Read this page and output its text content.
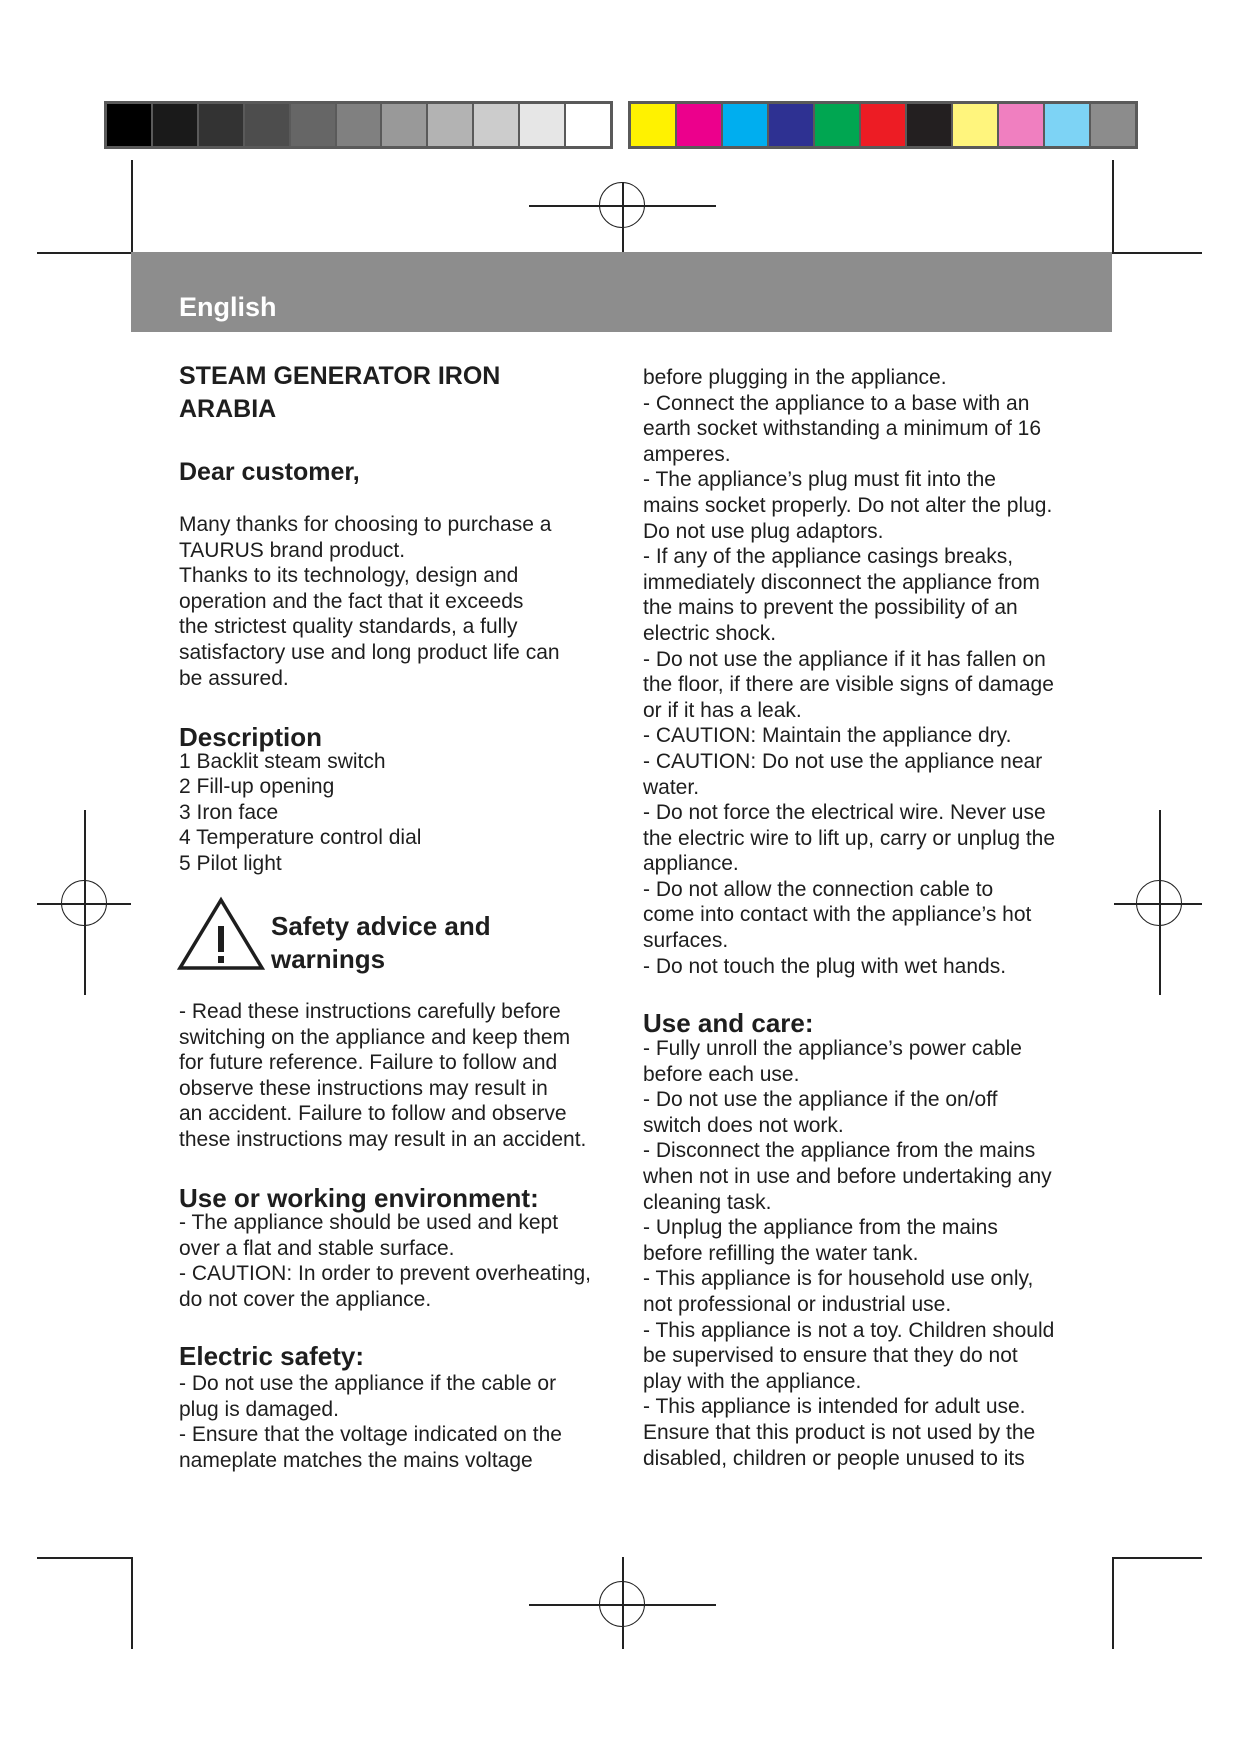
English
STEAM GENERATOR IRON
ARABIA
Dear customer,
Many thanks for choosing to purchase a
TAURUS brand product.
Thanks to its technology, design and
operation and the fact that it exceeds
the strictest quality standards, a fully
satisfactory use and long product life can
be assured.
Description
1 Backlit steam switch
2 Fill-up opening
3 Iron face
4 Temperature control dial
5 Pilot light
Safety advice and
warnings
- Read these instructions carefully before
switching on the appliance and keep them
for future reference. Failure to follow and
observe these instructions may result in
an accident. Failure to follow and observe
these instructions may result in an accident.
Use or working environment:
- The appliance should be used and kept
over a flat and stable surface.
- CAUTION: In order to prevent overheating,
do not cover the appliance.
Electric safety:
- Do not use the appliance if the cable or
plug is damaged.
- Ensure that the voltage indicated on the
nameplate matches the mains voltage
before plugging in the appliance.
- Connect the appliance to a base with an
earth socket withstanding a minimum of 16
amperes.
- The appliance’s plug must fit into the
mains socket properly. Do not alter the plug.
Do not use plug adaptors.
- If any of the appliance casings breaks,
immediately disconnect the appliance from
the mains to prevent the possibility of an
electric shock.
- Do not use the appliance if it has fallen on
the floor, if there are visible signs of damage
or if it has a leak.
- CAUTION: Maintain the appliance dry.
- CAUTION: Do not use the appliance near
water.
- Do not force the electrical wire. Never use
the electric wire to lift up, carry or unplug the
appliance.
- Do not allow the connection cable to
come into contact with the appliance’s hot
surfaces.
- Do not touch the plug with wet hands.
Use and care:
- Fully unroll the appliance’s power cable
before each use.
- Do not use the appliance if the on/off
switch does not work.
- Disconnect the appliance from the mains
when not in use and before undertaking any
cleaning task.
- Unplug the appliance from the mains
before refilling the water tank.
- This appliance is for household use only,
not professional or industrial use.
- This appliance is not a toy. Children should
be supervised to ensure that they do not
play with the appliance.
- This appliance is intended for adult use.
Ensure that this product is not used by the
disabled, children or people unused to its
